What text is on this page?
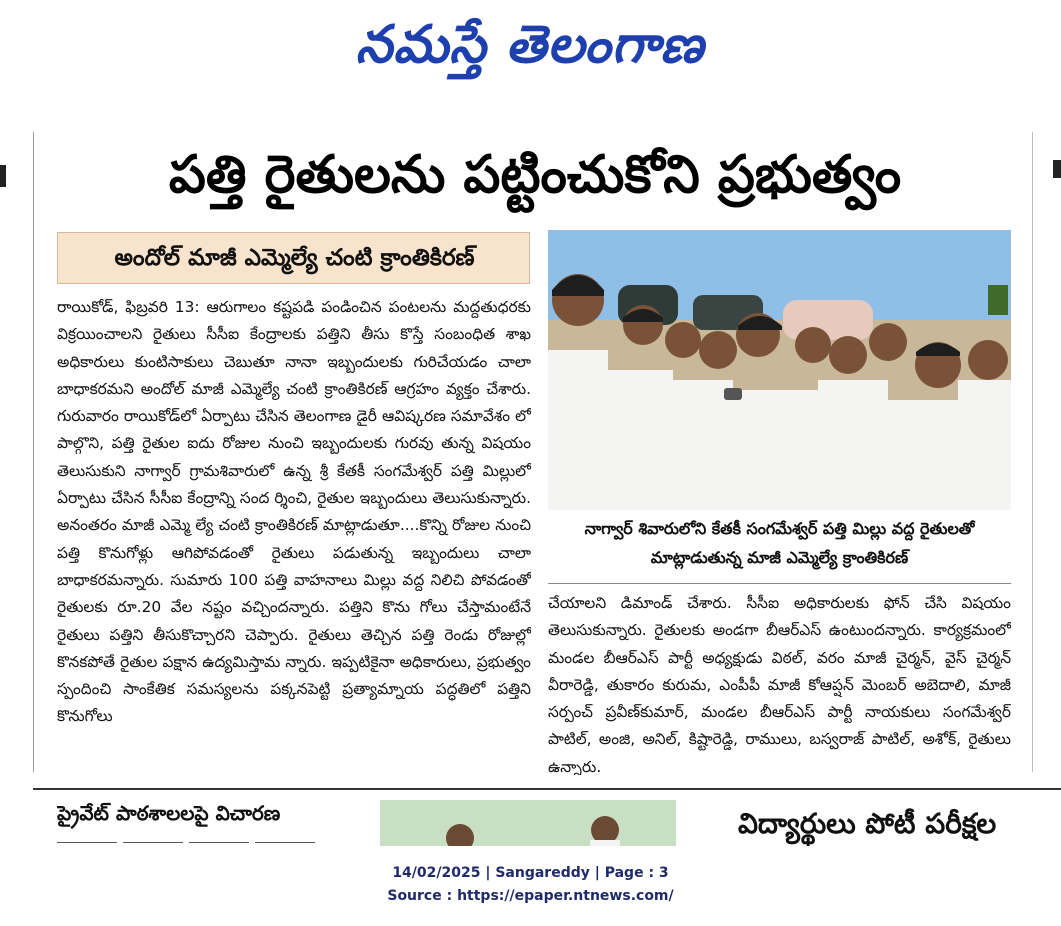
నమస్తే తెలంగాణ
పత్తి రైతులను పట్టించుకోని ప్రభుత్వం
అందోల్ మాజీ ఎమ్మెల్యే చంటి క్రాంతికిరణ్
రాయికోడ్, ఫిబ్రవరి 13: ఆరుగాలం కష్టపడి పండించిన పంటలను మద్దతుధరకు విక్రయించాలని రైతులు సీసీఐ కేంద్రాలకు పత్తిని తీసు కొస్తే సంబంధిత శాఖ అధికారులు కుంటిసాకులు చెబుతూ నానా ఇబ్బందులకు గురిచేయడం చాలా బాధాకరమని అందోల్ మాజీ ఎమ్మెల్యే చంటి క్రాంతికిరణ్ ఆగ్రహం వ్యక్తం చేశారు. గురువారం రాయికోడ్‌లో ఏర్పాటు చేసిన తెలంగాణ డైరీ ఆవిష్కరణ సమావేశం లో పాల్గొని, పత్తి రైతుల ఐదు రోజుల నుంచి ఇబ్బందులకు గురవు తున్న విషయం తెలుసుకుని నాగ్వార్ గ్రామశివారులో ఉన్న శ్రీ కేతకీ సంగమేశ్వర్ పత్తి మిల్లులో ఏర్పాటు చేసిన సీసీఐ కేంద్రాన్ని సంద ర్శించి, రైతుల ఇబ్బందులు తెలుసుకున్నారు. అనంతరం మాజీ ఎమ్మె ల్యే చంటి క్రాంతికిరణ్ మాట్లాడుతూ....కొన్ని రోజుల నుంచి పత్తి కొనుగోళ్లు ఆగిపోవడంతో రైతులు పడుతున్న ఇబ్బందులు చాలా బాధాకరమన్నారు. సుమారు 100 పత్తి వాహనాలు మిల్లు వద్ద నిలిచి పోవడంతో రైతులకు రూ.20 వేల నష్టం వచ్చిందన్నారు. పత్తిని కొను గోలు చేస్తామంటేనే రైతులు పత్తిని తీసుకొచ్చారని చెప్పారు. రైతులు తెచ్చిన పత్తి రెండు రోజుల్లో కొనకపోతే రైతుల పక్షాన ఉద్యమిస్తామ న్నారు. ఇప్పటికైనా అధికారులు, ప్రభుత్వం స్పందించి సాంకేతిక సమస్యలను పక్కనపెట్టి ప్రత్యామ్నాయ పద్ధతిలో పత్తిని కొనుగోలు
నాగ్వార్ శివారులోని కేతకీ సంగమేశ్వర్ పత్తి మిల్లు వద్ద రైతులతో మాట్లాడుతున్న మాజీ ఎమ్మెల్యే క్రాంతికిరణ్
చేయాలని డిమాండ్ చేశారు. సీసీఐ అధికారులకు ఫోన్ చేసి విషయం తెలుసుకున్నారు. రైతులకు అండగా బీఆర్‌ఎస్ ఉంటుందన్నారు. కార్యక్రమంలో మండల బీఆర్‌ఎస్ పార్టీ అధ్యక్షుడు విఠల్, వరం మాజీ చైర్మన్, వైస్ చైర్మన్ వీరారెడ్డి, తుకారం కురుమ, ఎంపీపీ మాజీ కోఆప్షన్ మెంబర్ అబెదాలి, మాజీ సర్పంచ్ ప్రవీణ్‌కుమార్, మండల బీఆర్‌ఎస్ పార్టీ నాయకులు సంగమేశ్వర్ పాటిల్, అంజి, అనిల్, కిష్టారెడ్డి, రాములు, బస్వరాజ్ పాటిల్, అశోక్, రైతులు ఉన్నారు.
ప్రైవేట్ పాఠశాలలపై విచారణ	విద్యార్థులు పోటీ పరీక్షల
14/02/2025 | Sangareddy | Page : 3
Source : https://epaper.ntnews.com/
